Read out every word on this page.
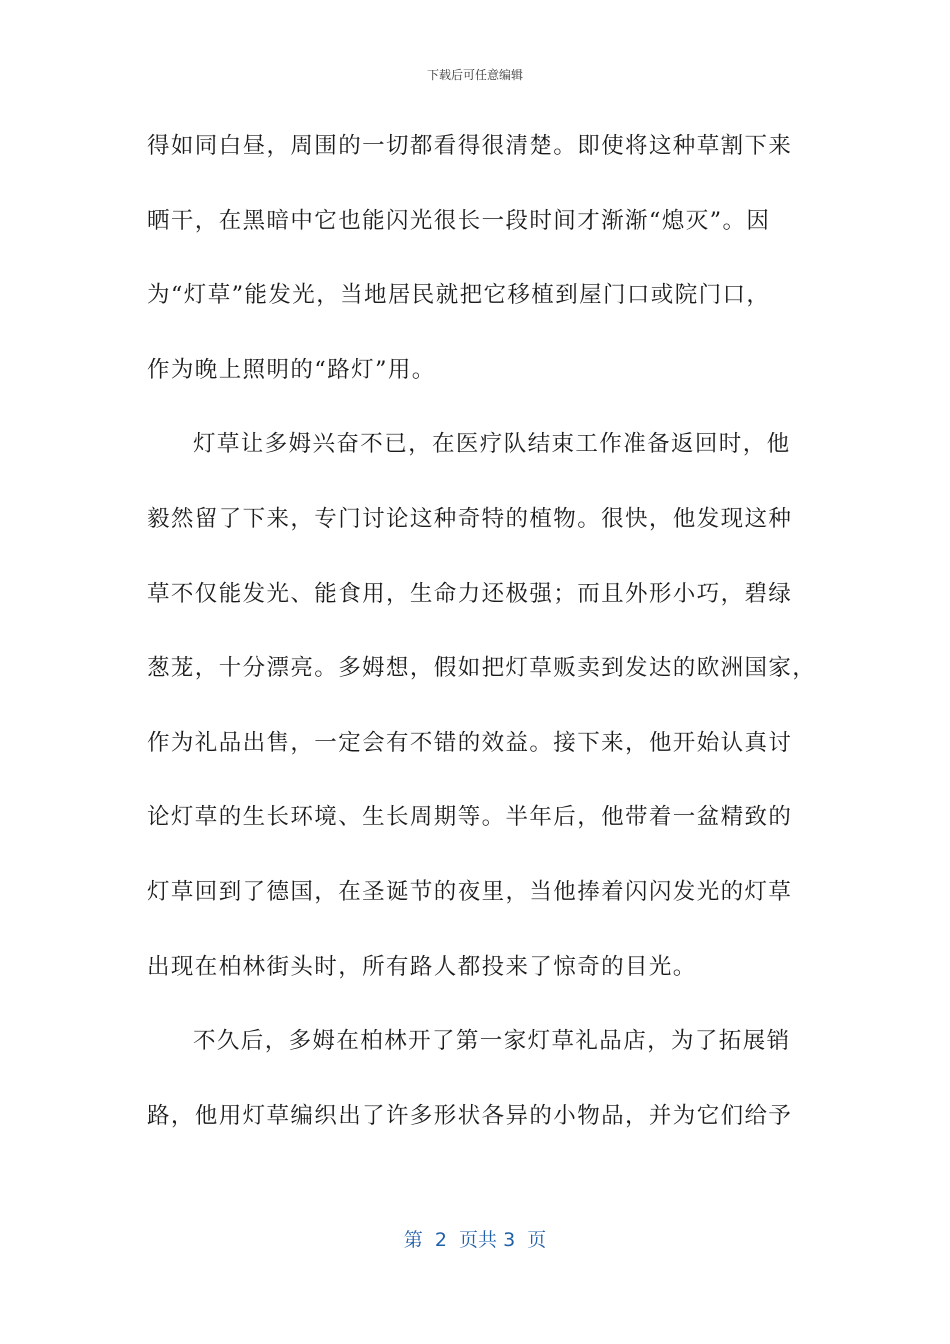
下载后可任意编辑
得如同白昼，周围的一切都看得很清楚。即使将这种草割下来
晒干，在黑暗中它也能闪光很长一段时间才渐渐“熄灭”。因
为“灯草”能发光，当地居民就把它移植到屋门口或院门口，
作为晚上照明的“路灯”用。
灯草让多姆兴奋不已，在医疗队结束工作准备返回时，他
毅然留了下来，专门讨论这种奇特的植物。很快，他发现这种
草不仅能发光、能食用，生命力还极强；而且外形小巧，碧绿
葱茏，十分漂亮。多姆想，假如把灯草贩卖到发达的欧洲国家，
作为礼品出售，一定会有不错的效益。接下来，他开始认真讨
论灯草的生长环境、生长周期等。半年后，他带着一盆精致的
灯草回到了德国，在圣诞节的夜里，当他捧着闪闪发光的灯草
出现在柏林街头时，所有路人都投来了惊奇的目光。
不久后，多姆在柏林开了第一家灯草礼品店，为了拓展销
路，他用灯草编织出了许多形状各异的小物品，并为它们给予
第 2 页共 3 页
